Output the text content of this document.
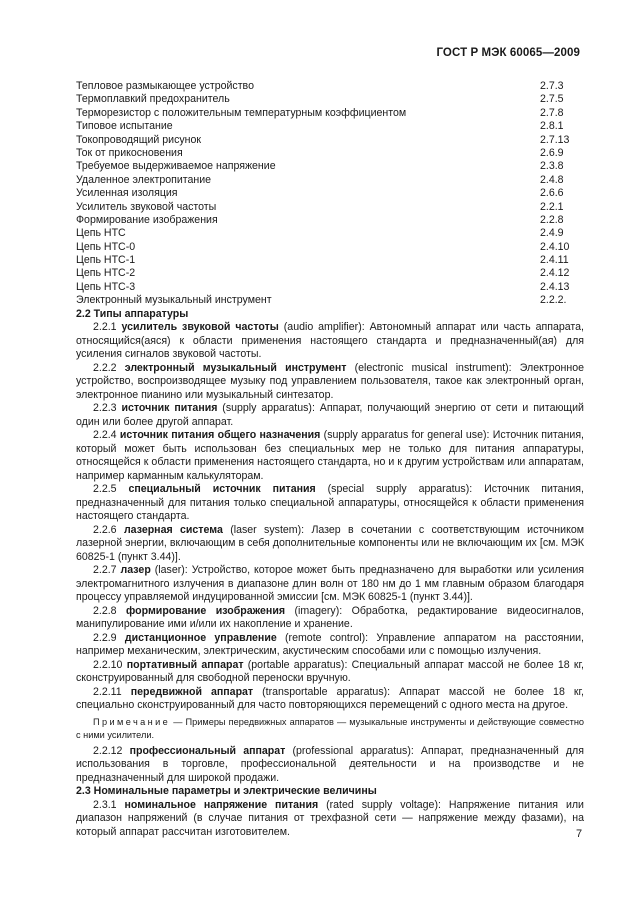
ГОСТ Р МЭК 60065—2009
Тепловое размыкающее устройство	2.7.3
Термоплавкий предохранитель	2.7.5
Терморезистор с положительным температурным коэффициентом	2.7.8
Типовое испытание	2.8.1
Токопроводящий рисунок	2.7.13
Ток от прикосновения	2.6.9
Требуемое выдерживаемое напряжение	2.3.8
Удаленное электропитание	2.4.8
Усиленная изоляция	2.6.6
Усилитель звуковой частоты	2.2.1
Формирование изображения	2.2.8
Цепь НТС	2.4.9
Цепь НТС-0	2.4.10
Цепь НТС-1	2.4.11
Цепь НТС-2	2.4.12
Цепь НТС-3	2.4.13
Электронный музыкальный инструмент	2.2.2.
2.2 Типы аппаратуры

2.2.1 усилитель звуковой частоты (audio amplifier): Автономный аппарат или часть аппарата, относящийся(аяся) к области применения настоящего стандарта и предназначенный(ая) для усиления сигналов звуковой частоты.

2.2.2 электронный музыкальный инструмент (electronic musical instrument): Электронное устройство, воспроизводящее музыку под управлением пользователя, такое как электронный орган, электронное пианино или музыкальный синтезатор.

2.2.3 источник питания (supply apparatus): Аппарат, получающий энергию от сети и питающий один или более другой аппарат.

2.2.4 источник питания общего назначения (supply apparatus for general use): Источник питания, который может быть использован без специальных мер не только для питания аппаратуры, относящейся к области применения настоящего стандарта, но и к другим устройствам или аппаратам, например карманным калькуляторам.

2.2.5 специальный источник питания (special supply apparatus): Источник питания, предназначенный для питания только специальной аппаратуры, относящейся к области применения настоящего стандарта.

2.2.6 лазерная система (laser system): Лазер в сочетании с соответствующим источником лазерной энергии, включающим в себя дополнительные компоненты или не включающим их [см. МЭК 60825-1 (пункт 3.44)].

2.2.7 лазер (laser): Устройство, которое может быть предназначено для выработки или усиления электромагнитного излучения в диапазоне длин волн от 180 нм до 1 мм главным образом благодаря процессу управляемой индуцированной эмиссии [см. МЭК 60825-1 (пункт 3.44)].

2.2.8 формирование изображения (imagery): Обработка, редактирование видеосигналов, манипулирование ими и/или их накопление и хранение.

2.2.9 дистанционное управление (remote control): Управление аппаратом на расстоянии, например механическим, электрическим, акустическим способами или с помощью излучения.

2.2.10 портативный аппарат (portable apparatus): Специальный аппарат массой не более 18 кг, сконструированный для свободной переноски вручную.

2.2.11 передвижной аппарат (transportable apparatus): Аппарат массой не более 18 кг, специально сконструированный для часто повторяющихся перемещений с одного места на другое.

Примечание — Примеры передвижных аппаратов — музыкальные инструменты и действующие совместно с ними усилители.

2.2.12 профессиональный аппарат (professional apparatus): Аппарат, предназначенный для использования в торговле, профессиональной деятельности и на производстве и не предназначенный для широкой продажи.

2.3 Номинальные параметры и электрические величины

2.3.1 номинальное напряжение питания (rated supply voltage): Напряжение питания или диапазон напряжений (в случае питания от трехфазной сети — напряжение между фазами), на который аппарат рассчитан изготовителем.	7
